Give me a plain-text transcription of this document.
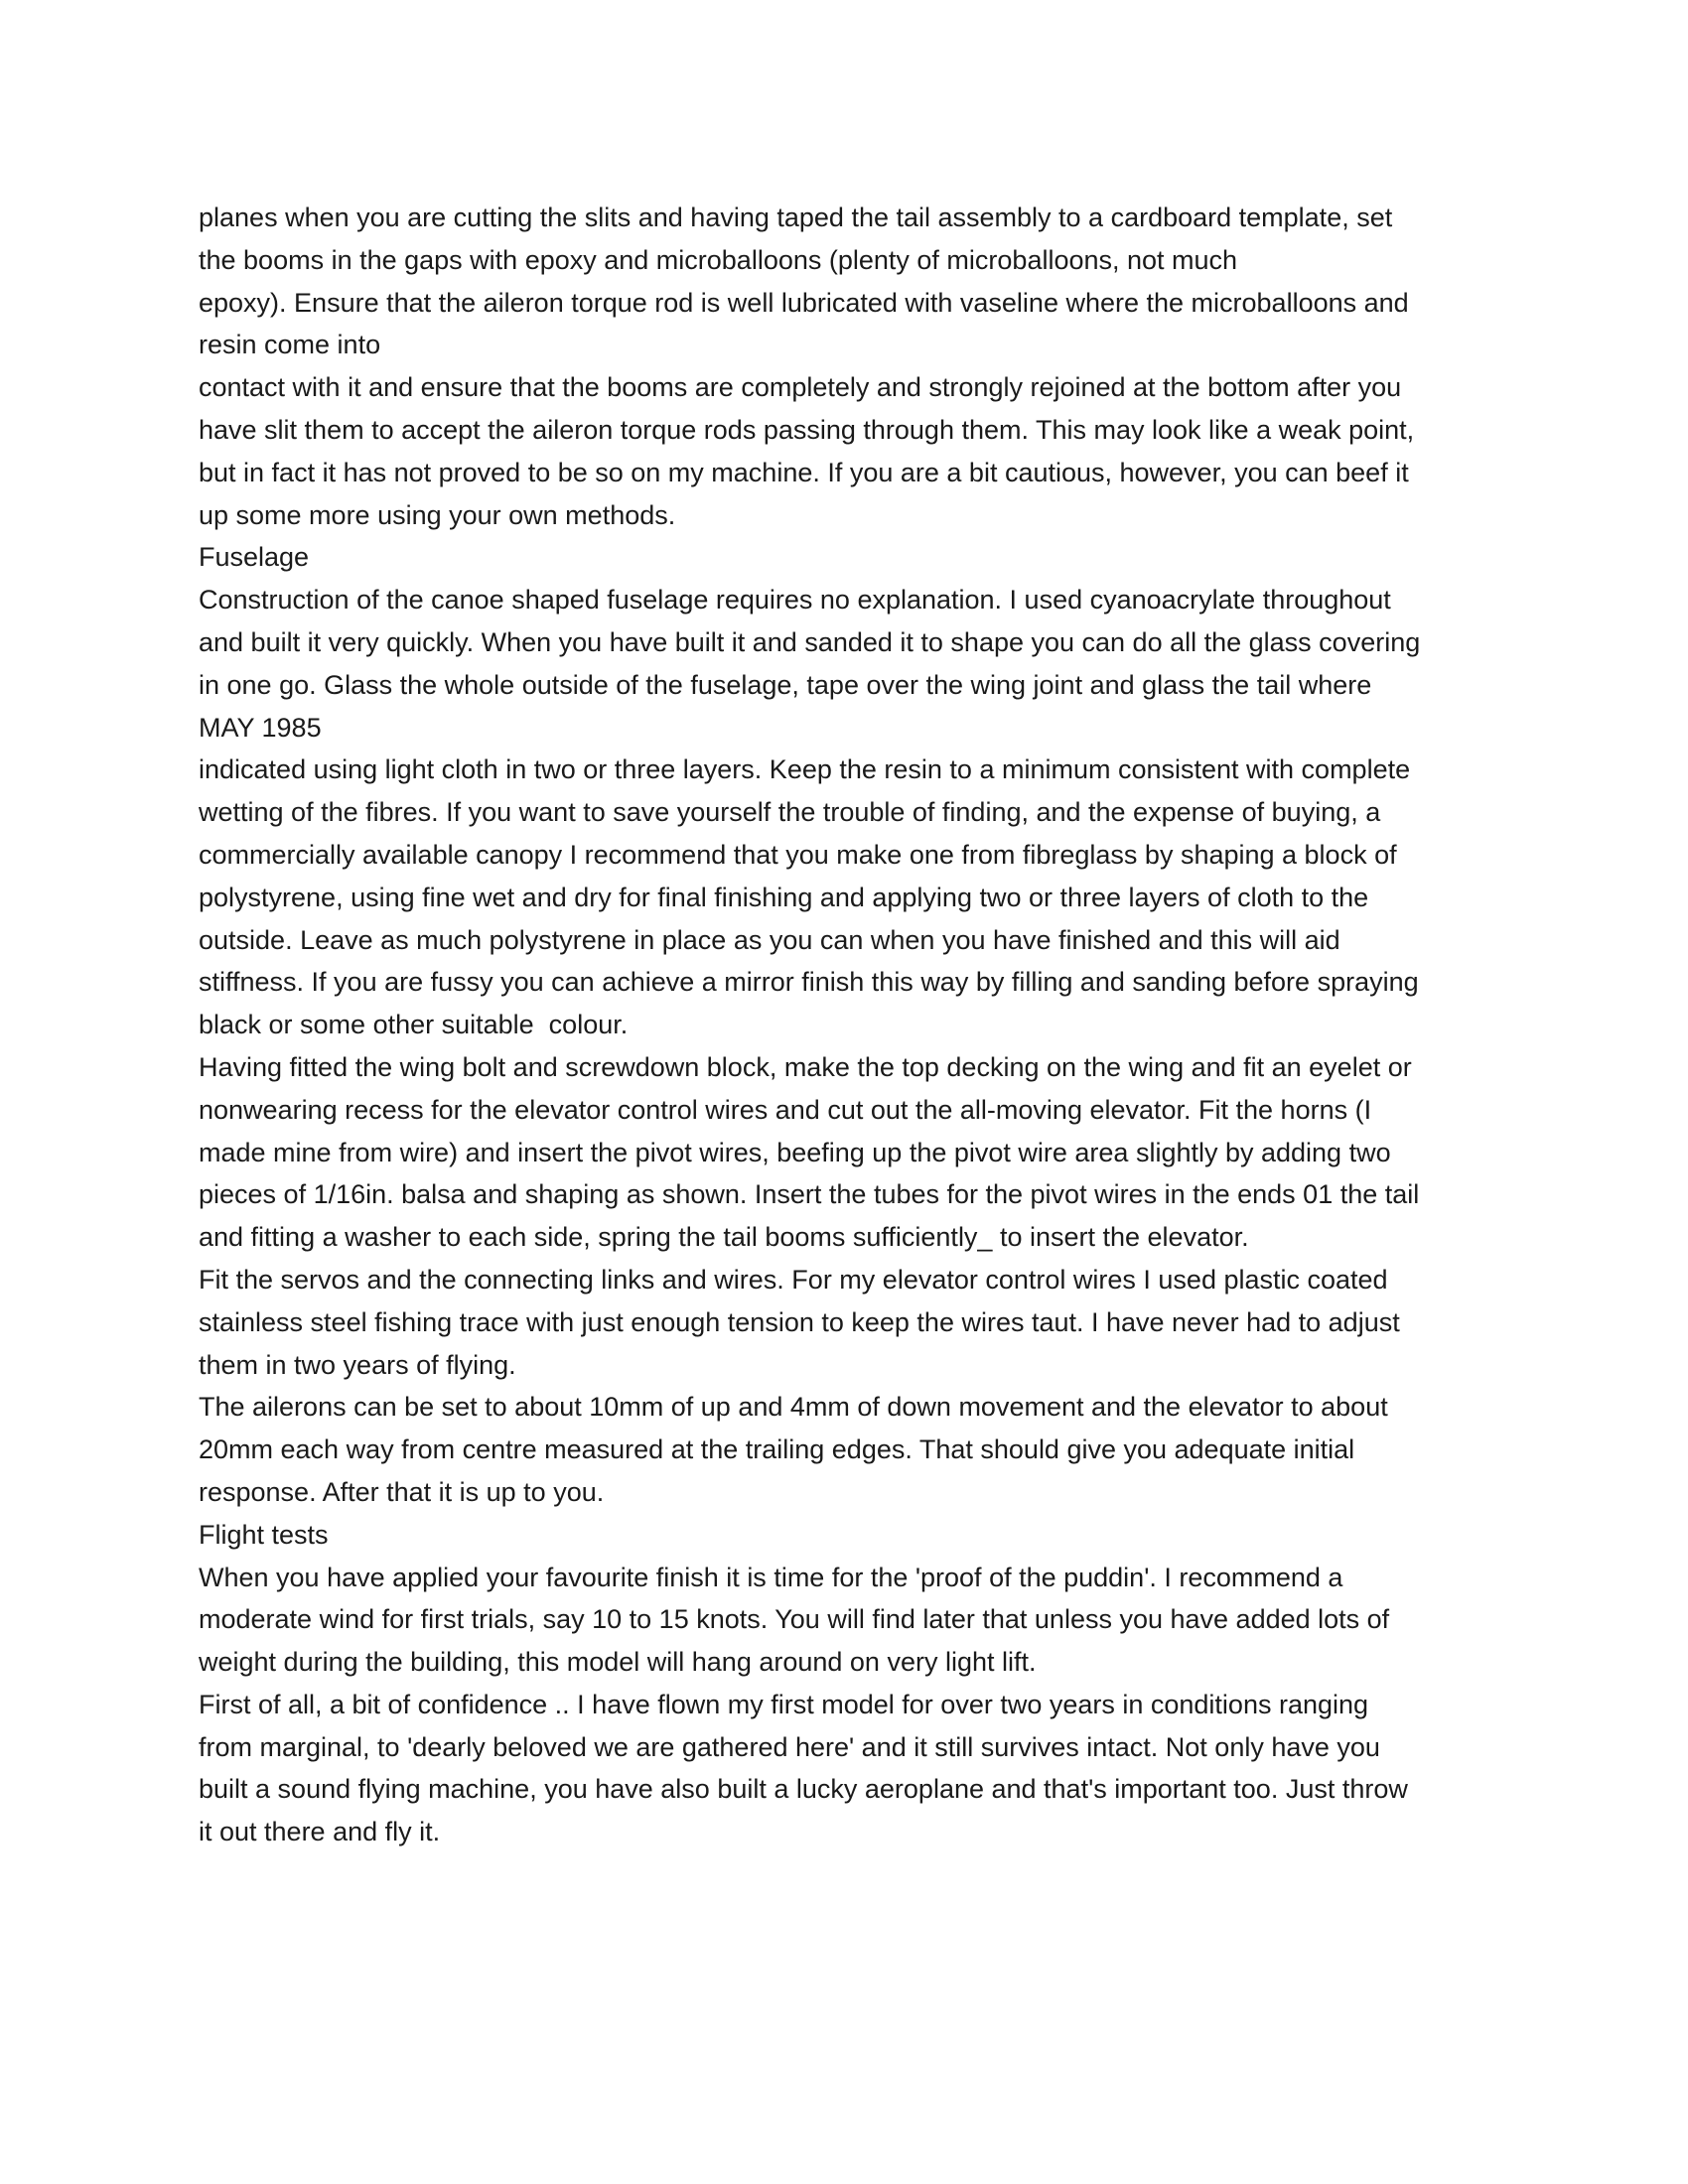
planes when you are cutting the slits and having taped the tail assembly to a cardboard template, set
the booms in the gaps with epoxy and microballoons (plenty of microballoons, not much
epoxy). Ensure that the aileron torque rod is well lubricated with vaseline where the microballoons and
resin come into
contact with it and ensure that the booms are completely and strongly rejoined at the bottom after you
have slit them to accept the aileron torque rods passing through them. This may look like a weak point,
but in fact it has not proved to be so on my machine. If you are a bit cautious, however, you can beef it
up some more using your own methods.
Fuselage
Construction of the canoe shaped fuselage requires no explanation. I used cyanoacrylate throughout
and built it very quickly. When you have built it and sanded it to shape you can do all the glass covering
in one go. Glass the whole outside of the fuselage, tape over the wing joint and glass the tail where
MAY 1985
indicated using light cloth in two or three layers. Keep the resin to a minimum consistent with complete
wetting of the fibres. If you want to save yourself the trouble of finding, and the expense of buying, a
commercially available canopy I recommend that you make one from fibreglass by shaping a block of
polystyrene, using fine wet and dry for final finishing and applying two or three layers of cloth to the
outside. Leave as much polystyrene in place as you can when you have finished and this will aid
stiffness. If you are fussy you can achieve a mirror finish this way by filling and sanding before spraying
black or some other suitable  colour.
Having fitted the wing bolt and screwdown block, make the top decking on the wing and fit an eyelet or
nonwearing recess for the elevator control wires and cut out the all-moving elevator. Fit the horns (I
made mine from wire) and insert the pivot wires, beefing up the pivot wire area slightly by adding two
pieces of 1/16in. balsa and shaping as shown. Insert the tubes for the pivot wires in the ends 01 the tail
and fitting a washer to each side, spring the tail booms sufficiently_ to insert the elevator.
Fit the servos and the connecting links and wires. For my elevator control wires I used plastic coated
stainless steel fishing trace with just enough tension to keep the wires taut. I have never had to adjust
them in two years of flying.
The ailerons can be set to about 10mm of up and 4mm of down movement and the elevator to about
20mm each way from centre measured at the trailing edges. That should give you adequate initial
response. After that it is up to you.
Flight tests
When you have applied your favourite finish it is time for the 'proof of the puddin'. I recommend a
moderate wind for first trials, say 10 to 15 knots. You will find later that unless you have added lots of
weight during the building, this model will hang around on very light lift.
First of all, a bit of confidence .. I have flown my first model for over two years in conditions ranging
from marginal, to 'dearly beloved we are gathered here' and it still survives intact. Not only have you
built a sound flying machine, you have also built a lucky aeroplane and that's important too. Just throw
it out there and fly it.
